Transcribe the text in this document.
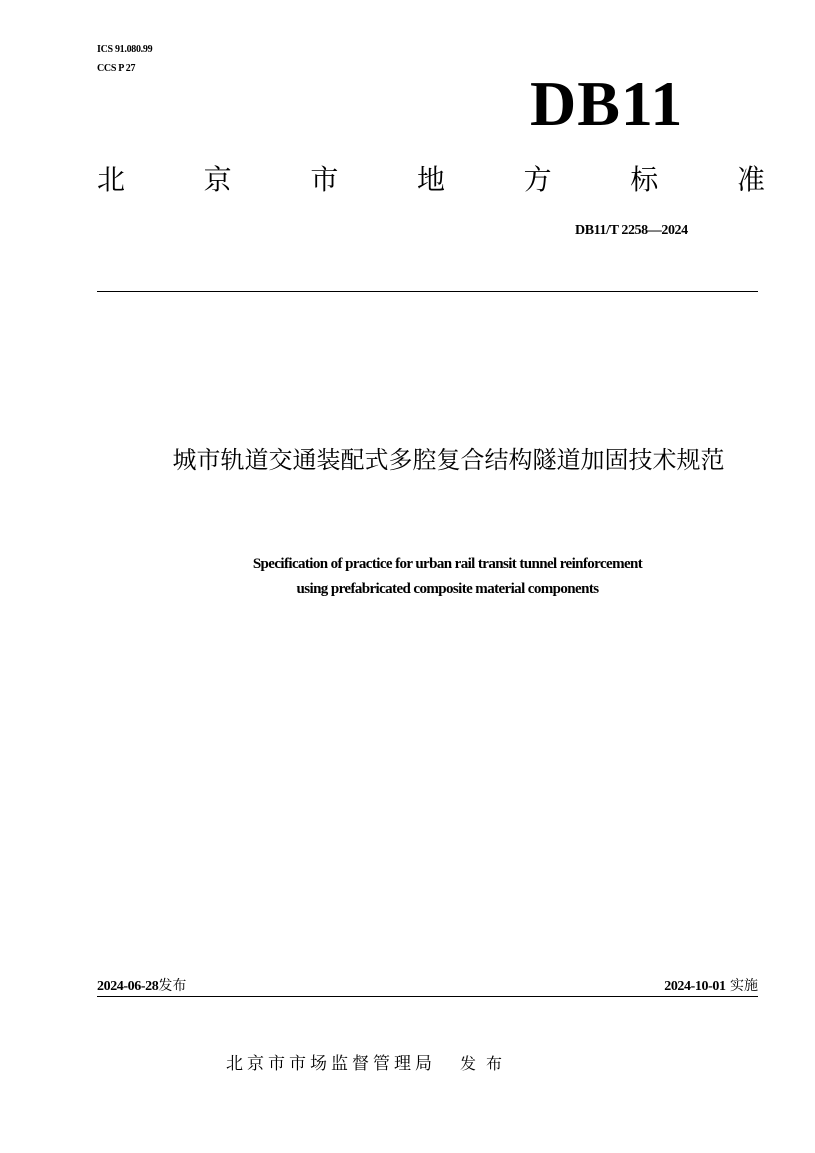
ICS 91.080.99
CCS P 27	DB11
北	京	市	地	方	标	准
DB11/T 2258—2024
城市轨道交通装配式多腔复合结构隧道加固技术规范
Specification of practice for urban rail transit tunnel reinforcement
using prefabricated composite material components
2024-06-28发布	2024-10-01 实施
北京市市场监督管理局 发布
